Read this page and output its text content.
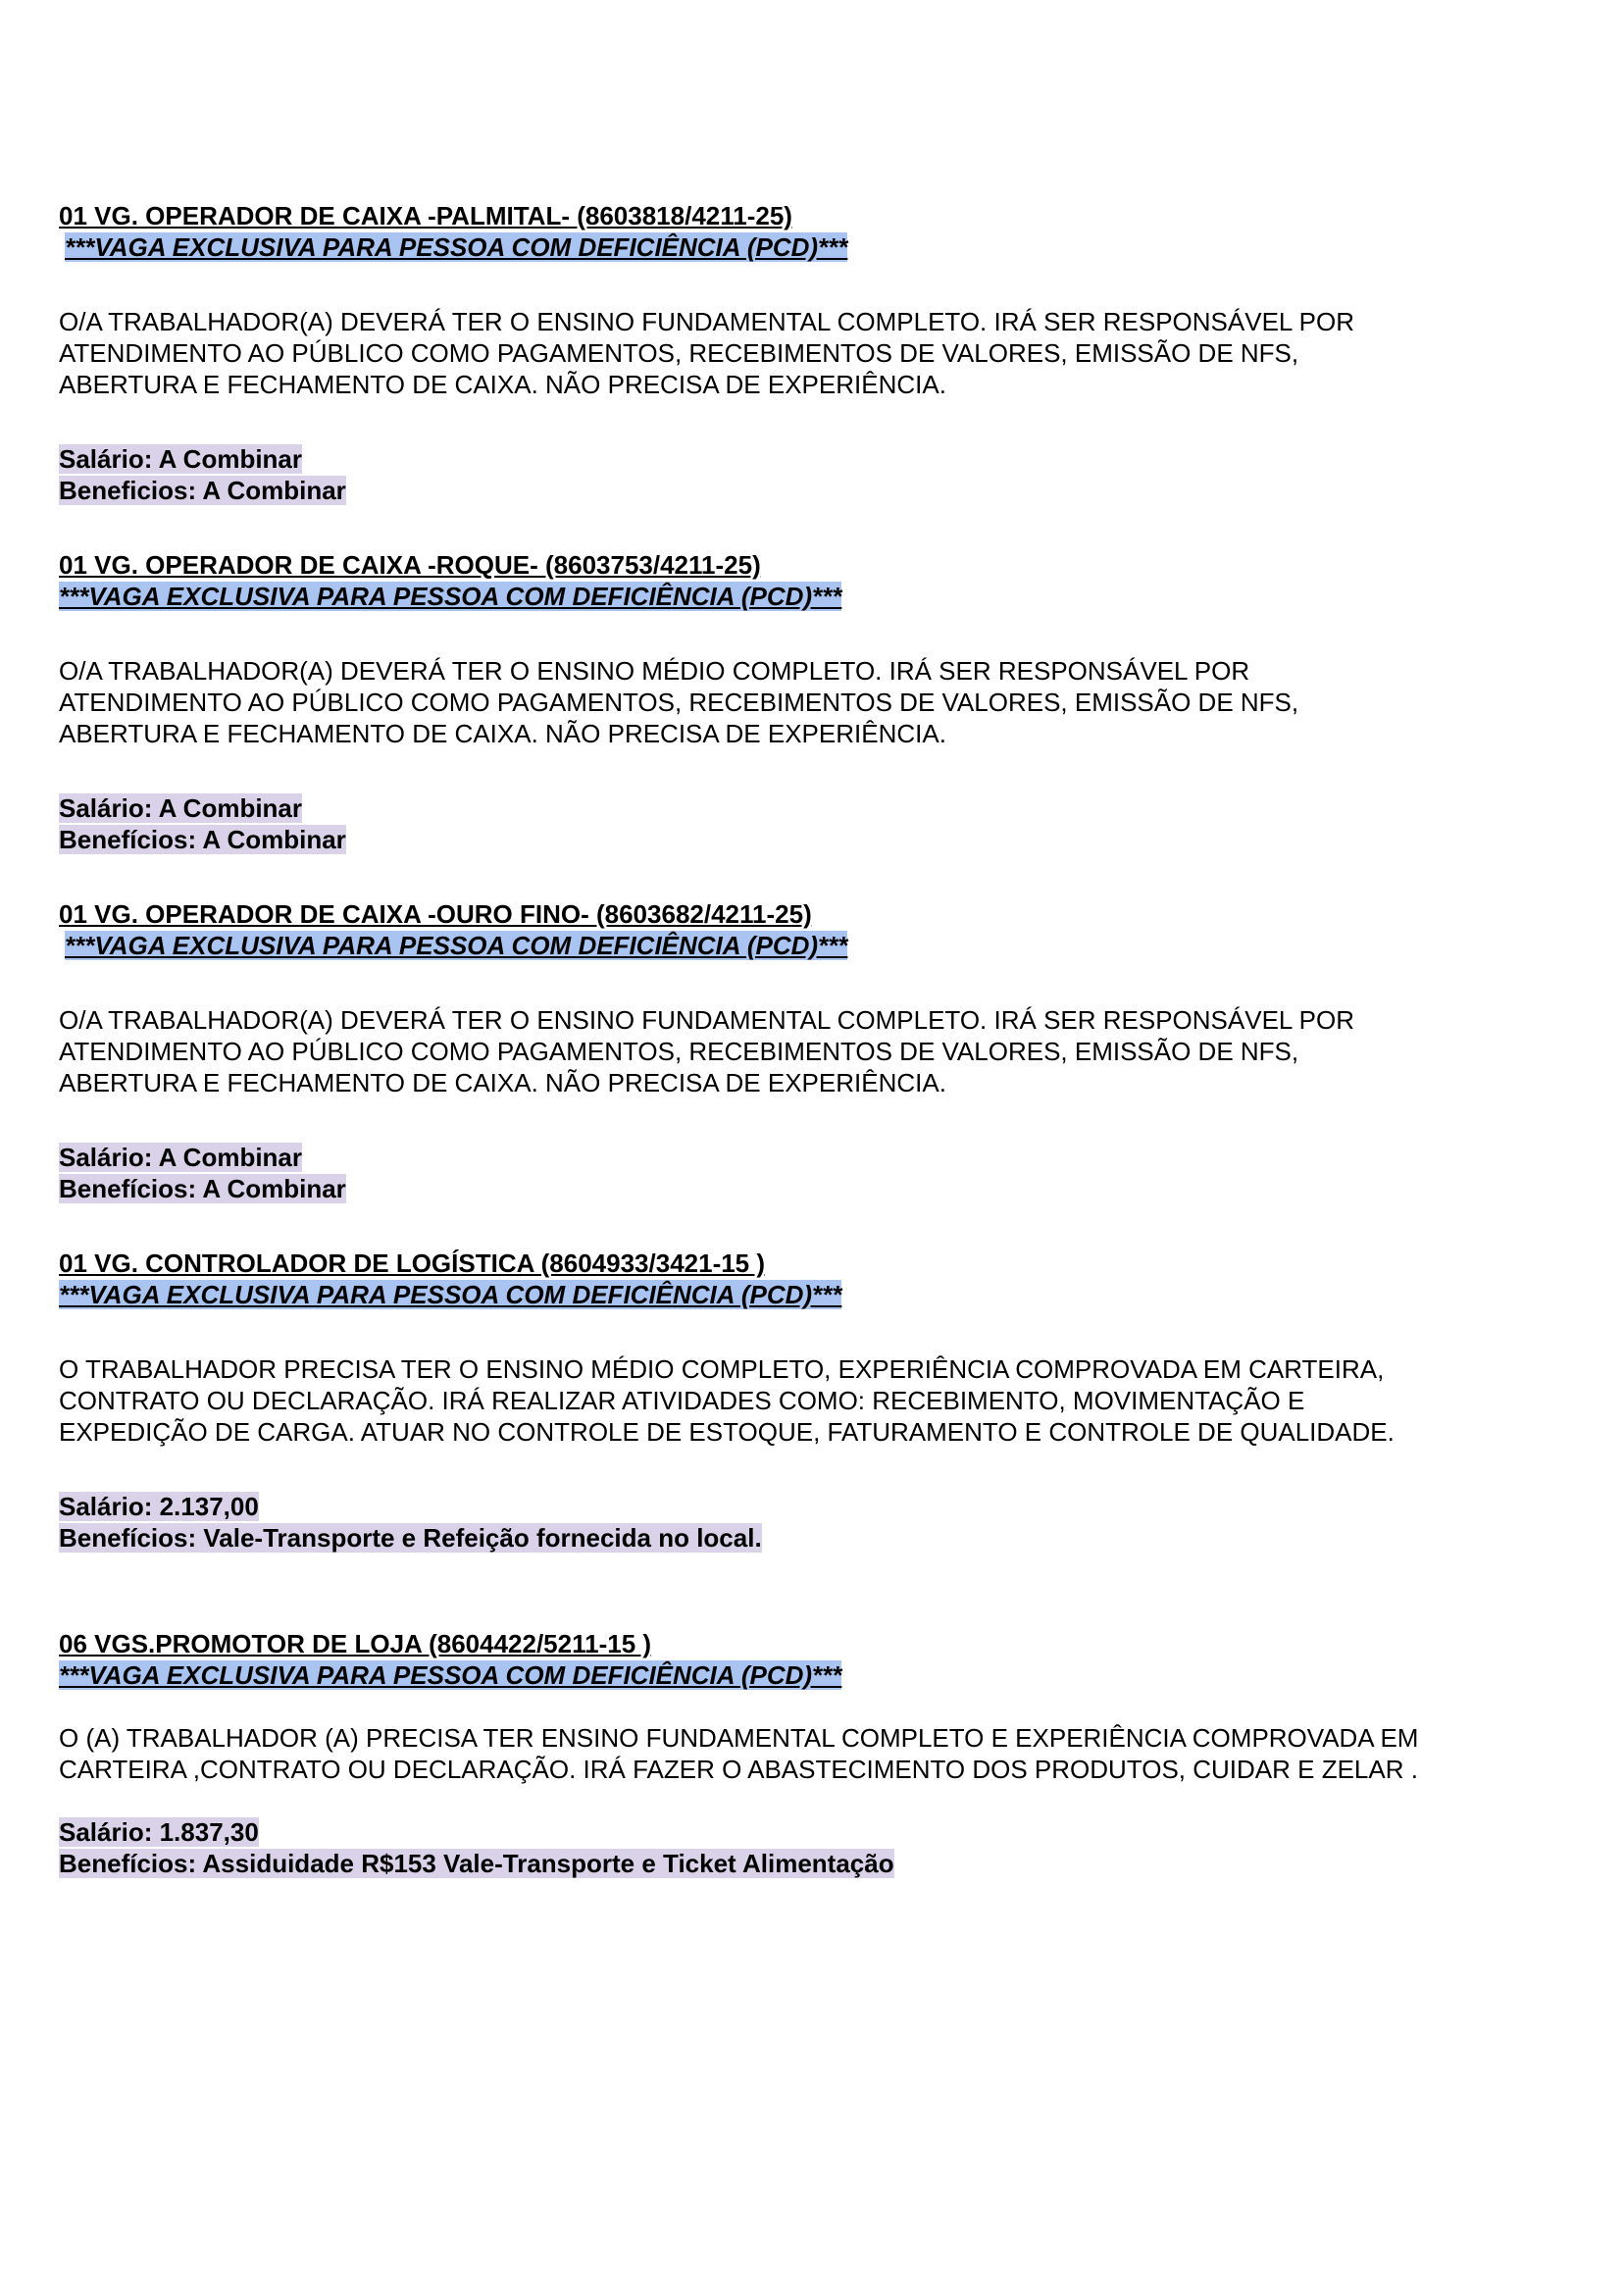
01 VG. OPERADOR DE CAIXA -PALMITAL- (8603818/4211-25)
***VAGA EXCLUSIVA PARA PESSOA COM DEFICIÊNCIA (PCD)***
O/A TRABALHADOR(A) DEVERÁ TER O ENSINO FUNDAMENTAL COMPLETO. IRÁ SER RESPONSÁVEL POR
ATENDIMENTO AO PÚBLICO COMO PAGAMENTOS, RECEBIMENTOS DE VALORES, EMISSÃO DE NFS,
ABERTURA E FECHAMENTO DE CAIXA. NÃO PRECISA DE EXPERIÊNCIA.
Salário: A Combinar
Beneficios: A Combinar
01 VG. OPERADOR DE CAIXA -ROQUE- (8603753/4211-25)
***VAGA EXCLUSIVA PARA PESSOA COM DEFICIÊNCIA (PCD)***
O/A TRABALHADOR(A) DEVERÁ TER O ENSINO MÉDIO COMPLETO. IRÁ SER RESPONSÁVEL POR
ATENDIMENTO AO PÚBLICO COMO PAGAMENTOS, RECEBIMENTOS DE VALORES, EMISSÃO DE NFS,
ABERTURA E FECHAMENTO DE CAIXA. NÃO PRECISA DE EXPERIÊNCIA.
Salário: A Combinar
Benefícios: A Combinar
01 VG. OPERADOR DE CAIXA -OURO FINO- (8603682/4211-25)
***VAGA EXCLUSIVA PARA PESSOA COM DEFICIÊNCIA (PCD)***
O/A TRABALHADOR(A) DEVERÁ TER O ENSINO FUNDAMENTAL COMPLETO. IRÁ SER RESPONSÁVEL POR
ATENDIMENTO AO PÚBLICO COMO PAGAMENTOS, RECEBIMENTOS DE VALORES, EMISSÃO DE NFS,
ABERTURA E FECHAMENTO DE CAIXA. NÃO PRECISA DE EXPERIÊNCIA.
Salário: A Combinar
Benefícios: A Combinar
01 VG. CONTROLADOR DE LOGÍSTICA (8604933/3421-15 )
***VAGA EXCLUSIVA PARA PESSOA COM DEFICIÊNCIA (PCD)***
O TRABALHADOR PRECISA TER O ENSINO MÉDIO COMPLETO, EXPERIÊNCIA COMPROVADA EM CARTEIRA,
CONTRATO OU DECLARAÇÃO. IRÁ REALIZAR ATIVIDADES COMO: RECEBIMENTO, MOVIMENTAÇÃO E
EXPEDIÇÃO DE CARGA. ATUAR NO CONTROLE DE ESTOQUE, FATURAMENTO E CONTROLE DE QUALIDADE.
Salário: 2.137,00
Benefícios: Vale-Transporte e Refeição fornecida no local.
06 VGS.PROMOTOR DE LOJA (8604422/5211-15 )
***VAGA EXCLUSIVA PARA PESSOA COM DEFICIÊNCIA (PCD)***
O (A) TRABALHADOR (A) PRECISA TER ENSINO FUNDAMENTAL COMPLETO E EXPERIÊNCIA COMPROVADA EM
CARTEIRA ,CONTRATO OU DECLARAÇÃO. IRÁ FAZER O ABASTECIMENTO DOS PRODUTOS, CUIDAR E ZELAR .
Salário: 1.837,30
Benefícios: Assiduidade R$153 Vale-Transporte e Ticket Alimentação
